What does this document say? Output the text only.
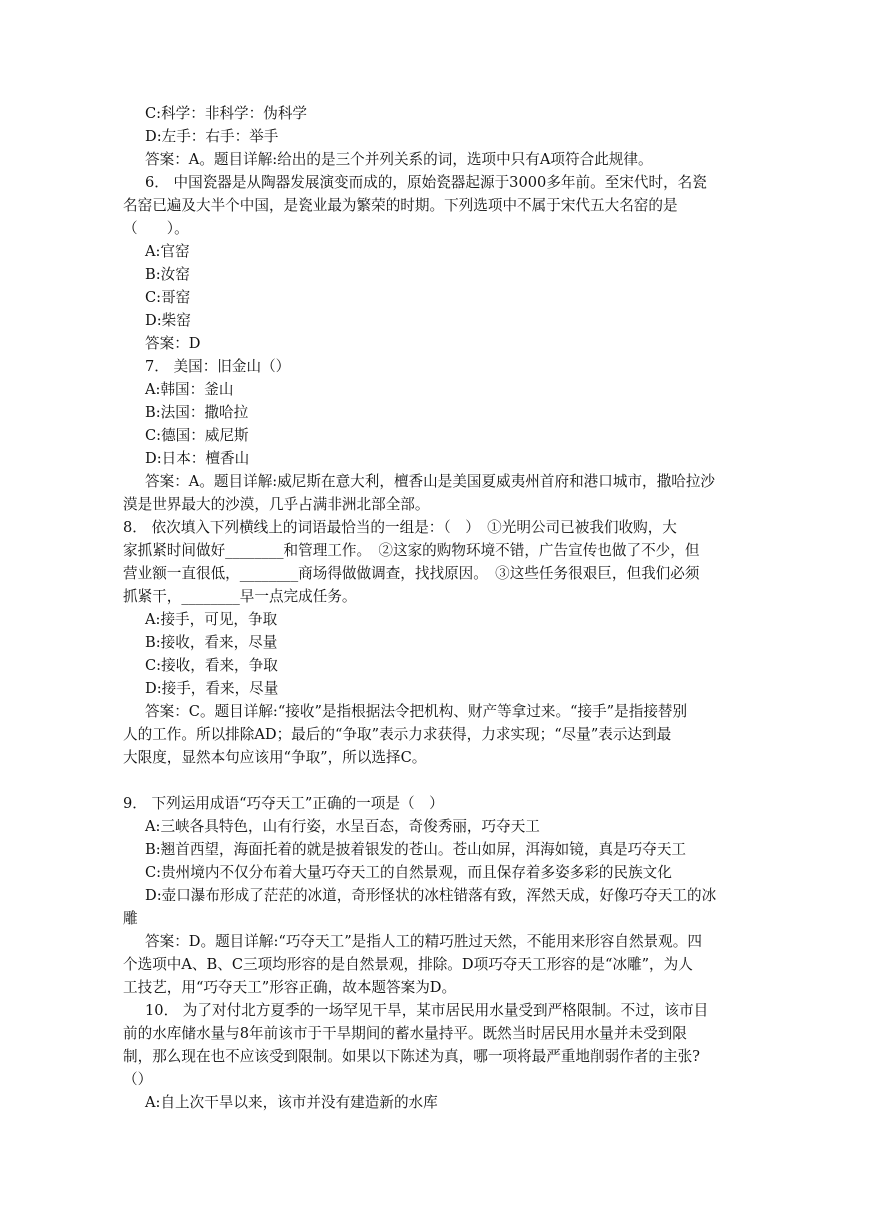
C:科学：非科学：伪科学
D:左手：右手：举手
答案：A。题目详解:给出的是三个并列关系的词，选项中只有A项符合此规律。
6． 中国瓷器是从陶器发展演变而成的，原始瓷器起源于3000多年前。至宋代时，名瓷
名窑已遍及大半个中国，是瓷业最为繁荣的时期。下列选项中不属于宋代五大名窑的是
（　　）。
A:官窑
B:汝窑
C:哥窑
D:柴窑
答案：D
7． 美国：旧金山（）
A:韩国：釜山
B:法国：撒哈拉
C:德国：威尼斯
D:日本：檀香山
答案：A。题目详解:威尼斯在意大利，檀香山是美国夏威夷州首府和港口城市，撒哈拉沙
漠是世界最大的沙漠，几乎占满非洲北部全部。
8． 依次填入下列横线上的词语最恰当的一组是：（　）　①光明公司已被我们收购，大
家抓紧时间做好________和管理工作。　②这家的购物环境不错，广告宣传也做了不少，但
营业额一直很低，________商场得做做调查，找找原因。　③这些任务很艰巨，但我们必须
抓紧干，________早一点完成任务。
A:接手，可见，争取
B:接收，看来，尽量
C:接收，看来，争取
D:接手，看来，尽量
答案：C。题目详解:“接收”是指根据法令把机构、财产等拿过来。“接手”是指接替别
人的工作。所以排除AD；最后的“争取”表示力求获得，力求实现；“尽量”表示达到最
大限度，显然本句应该用“争取”，所以选择C。
9． 下列运用成语“巧夺天工”正确的一项是（　）
A:三峡各具特色，山有行姿，水呈百态，奇俊秀丽，巧夺天工
B:翘首西望，海面托着的就是披着银发的苍山。苍山如屏，洱海如镜，真是巧夺天工
C:贵州境内不仅分布着大量巧夺天工的自然景观，而且保存着多姿多彩的民族文化
D:壶口瀑布形成了茫茫的冰道，奇形怪状的冰柱错落有致，浑然天成，好像巧夺天工的冰
雕
答案：D。题目详解:“巧夺天工”是指人工的精巧胜过天然，不能用来形容自然景观。四
个选项中A、B、C三项均形容的是自然景观，排除。D项巧夺天工形容的是“冰雕”，为人
工技艺，用“巧夺天工”形容正确，故本题答案为D。
10． 为了对付北方夏季的一场罕见干旱，某市居民用水量受到严格限制。不过，该市目
前的水库储水量与8年前该市于干旱期间的蓄水量持平。既然当时居民用水量并未受到限
制，那么现在也不应该受到限制。如果以下陈述为真，哪一项将最严重地削弱作者的主张?
（）
A:自上次干旱以来，该市并没有建造新的水库
